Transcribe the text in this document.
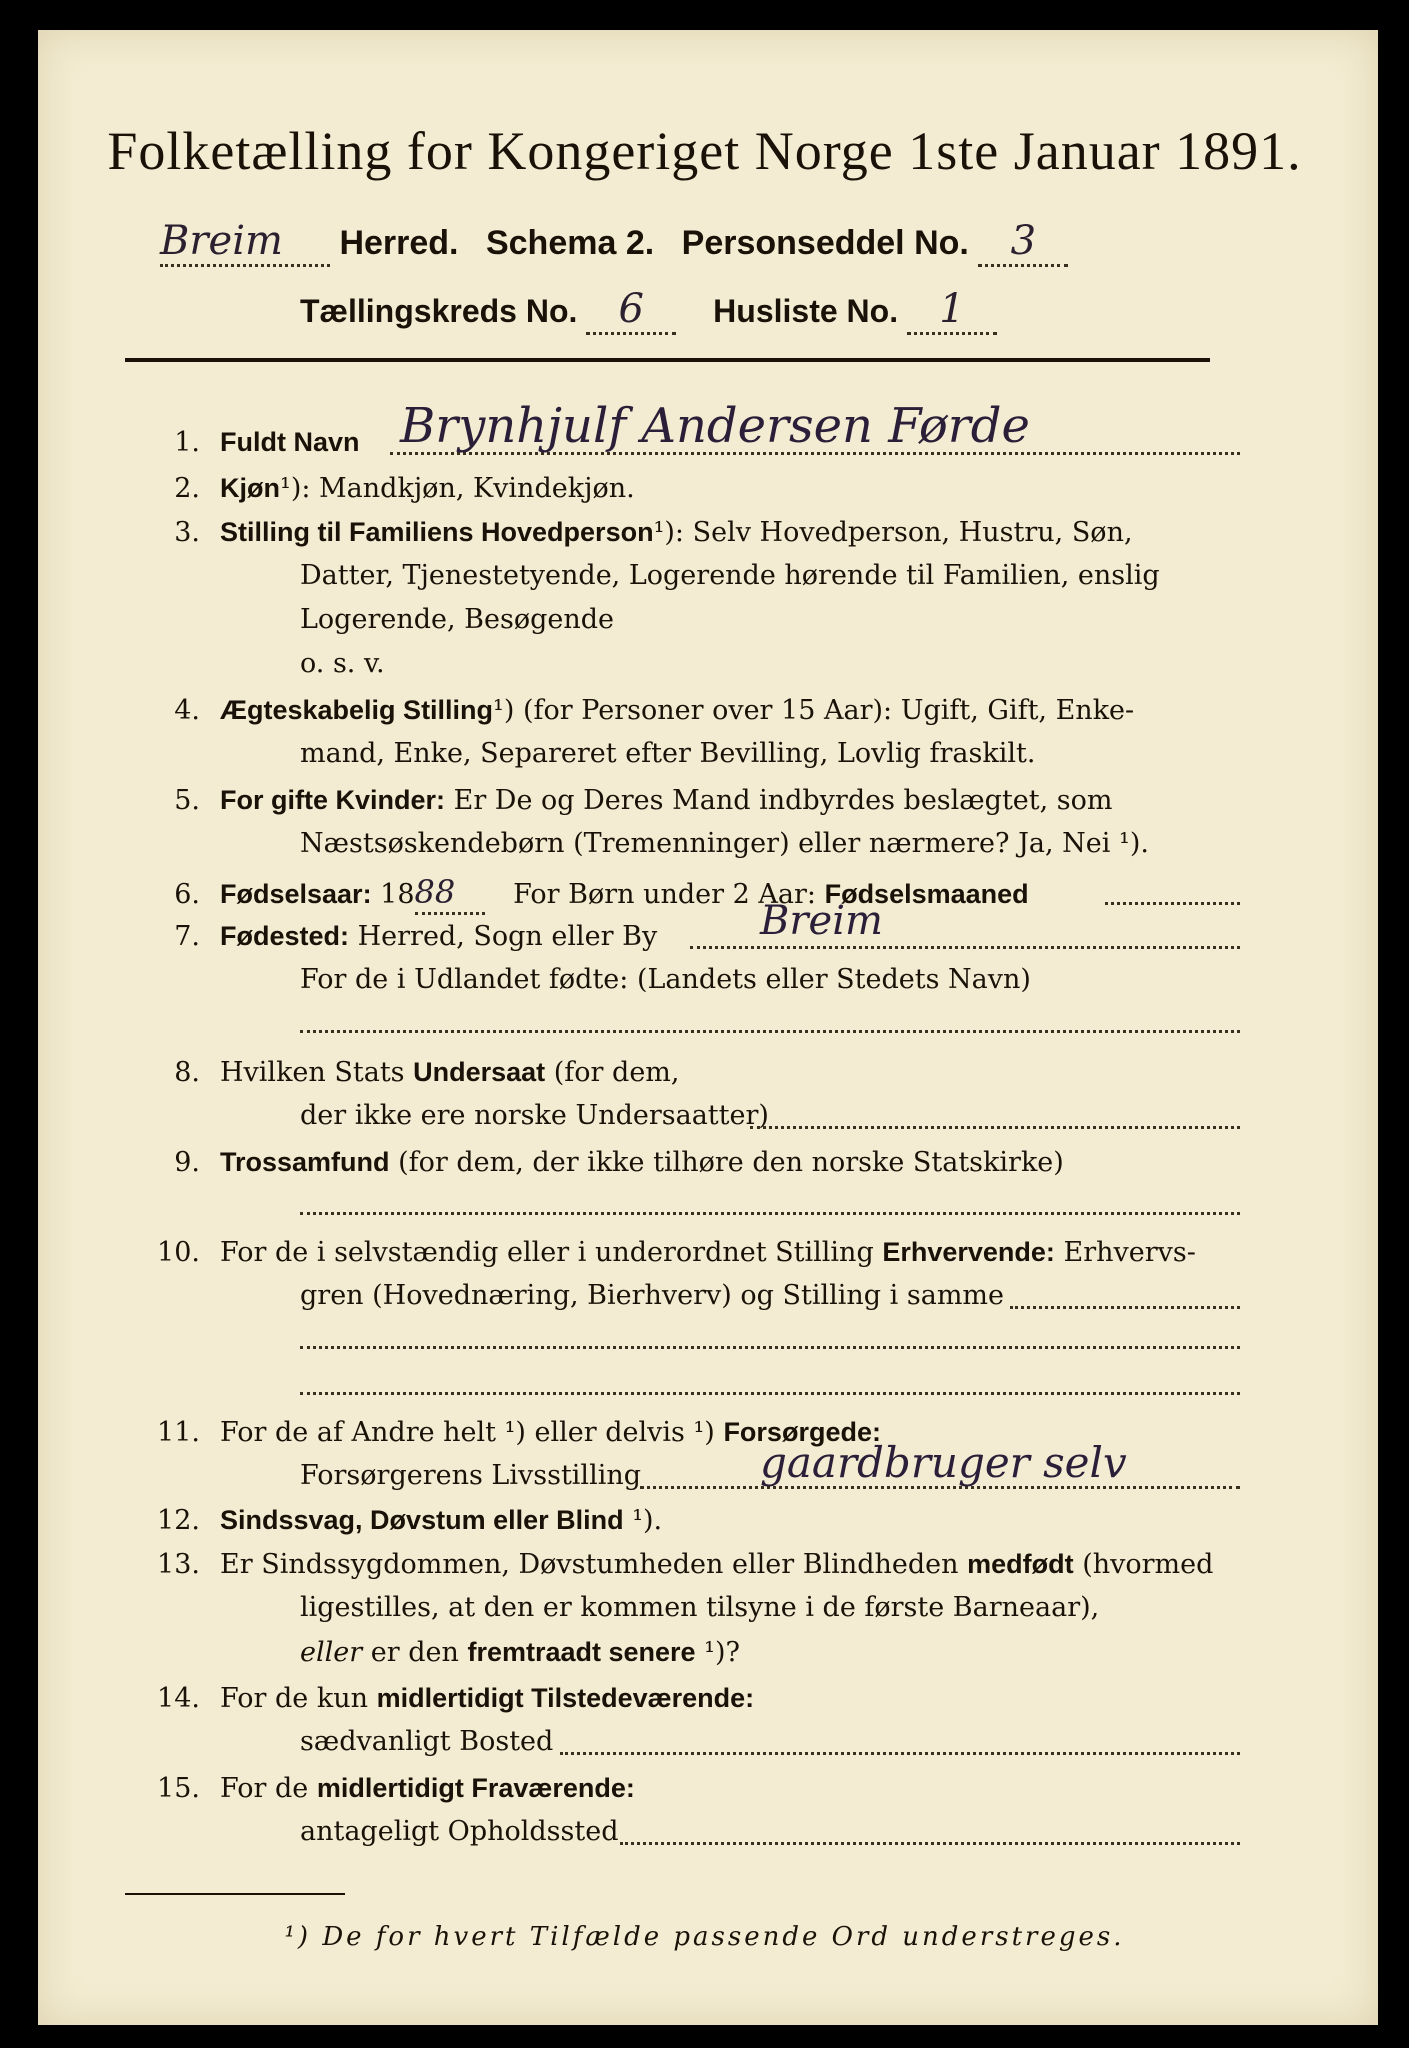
Folketælling for Kongeriget Norge 1ste Januar 1891.
Breim Herred. Schema 2. Personseddel No. 3
Tællingskreds No. 6 Husliste No. 1
1. Fuldt Navn Brynhjulf Andersen Førde
2. Kjøn¹): Mandkjøn, Kvindekjøn.
3. Stilling til Familiens Hovedperson¹): Selv Hovedperson, Hustru, Søn,
Datter, Tjenestetyende, Logerende hørende til Familien, enslig
Logerende, Besøgende
o. s. v.
4. Ægteskabelig Stilling¹) (for Personer over 15 Aar): Ugift, Gift, Enke-
mand, Enke, Separeret efter Bevilling, Lovlig fraskilt.
5. For gifte Kvinder: Er De og Deres Mand indbyrdes beslægtet, som
Næstsøskendebørn (Tremenninger) eller nærmere? Ja, Nei ¹).
6. Fødselsaar: 1888 For Børn under 2 Aar: Fødselsmaaned
7. Fødested: Herred, Sogn eller By	Breim
For de i Udlandet fødte: (Landets eller Stedets Navn)
8. Hvilken Stats Undersaat (for dem,
der ikke ere norske Undersaatter)
9. Trossamfund (for dem, der ikke tilhøre den norske Statskirke)
10. For de i selvstændig eller i underordnet Stilling Erhvervende: Erhvervs-
gren (Hovednæring, Bierhverv) og Stilling i samme
11. For de af Andre helt ¹) eller delvis ¹) Forsørgede:
Forsørgerens Livsstilling	gaardbruger selv
12. Sindssvag, Døvstum eller Blind ¹).
13. Er Sindssygdommen, Døvstumheden eller Blindheden medfødt (hvormed
ligestilles, at den er kommen tilsyne i de første Barneaar),
eller er den fremtraadt senere ¹)?
14. For de kun midlertidigt Tilstedeværende:
sædvanligt Bosted
15. For de midlertidigt Fraværende:
antageligt Opholdssted
¹) De for hvert Tilfælde passende Ord understreges.
